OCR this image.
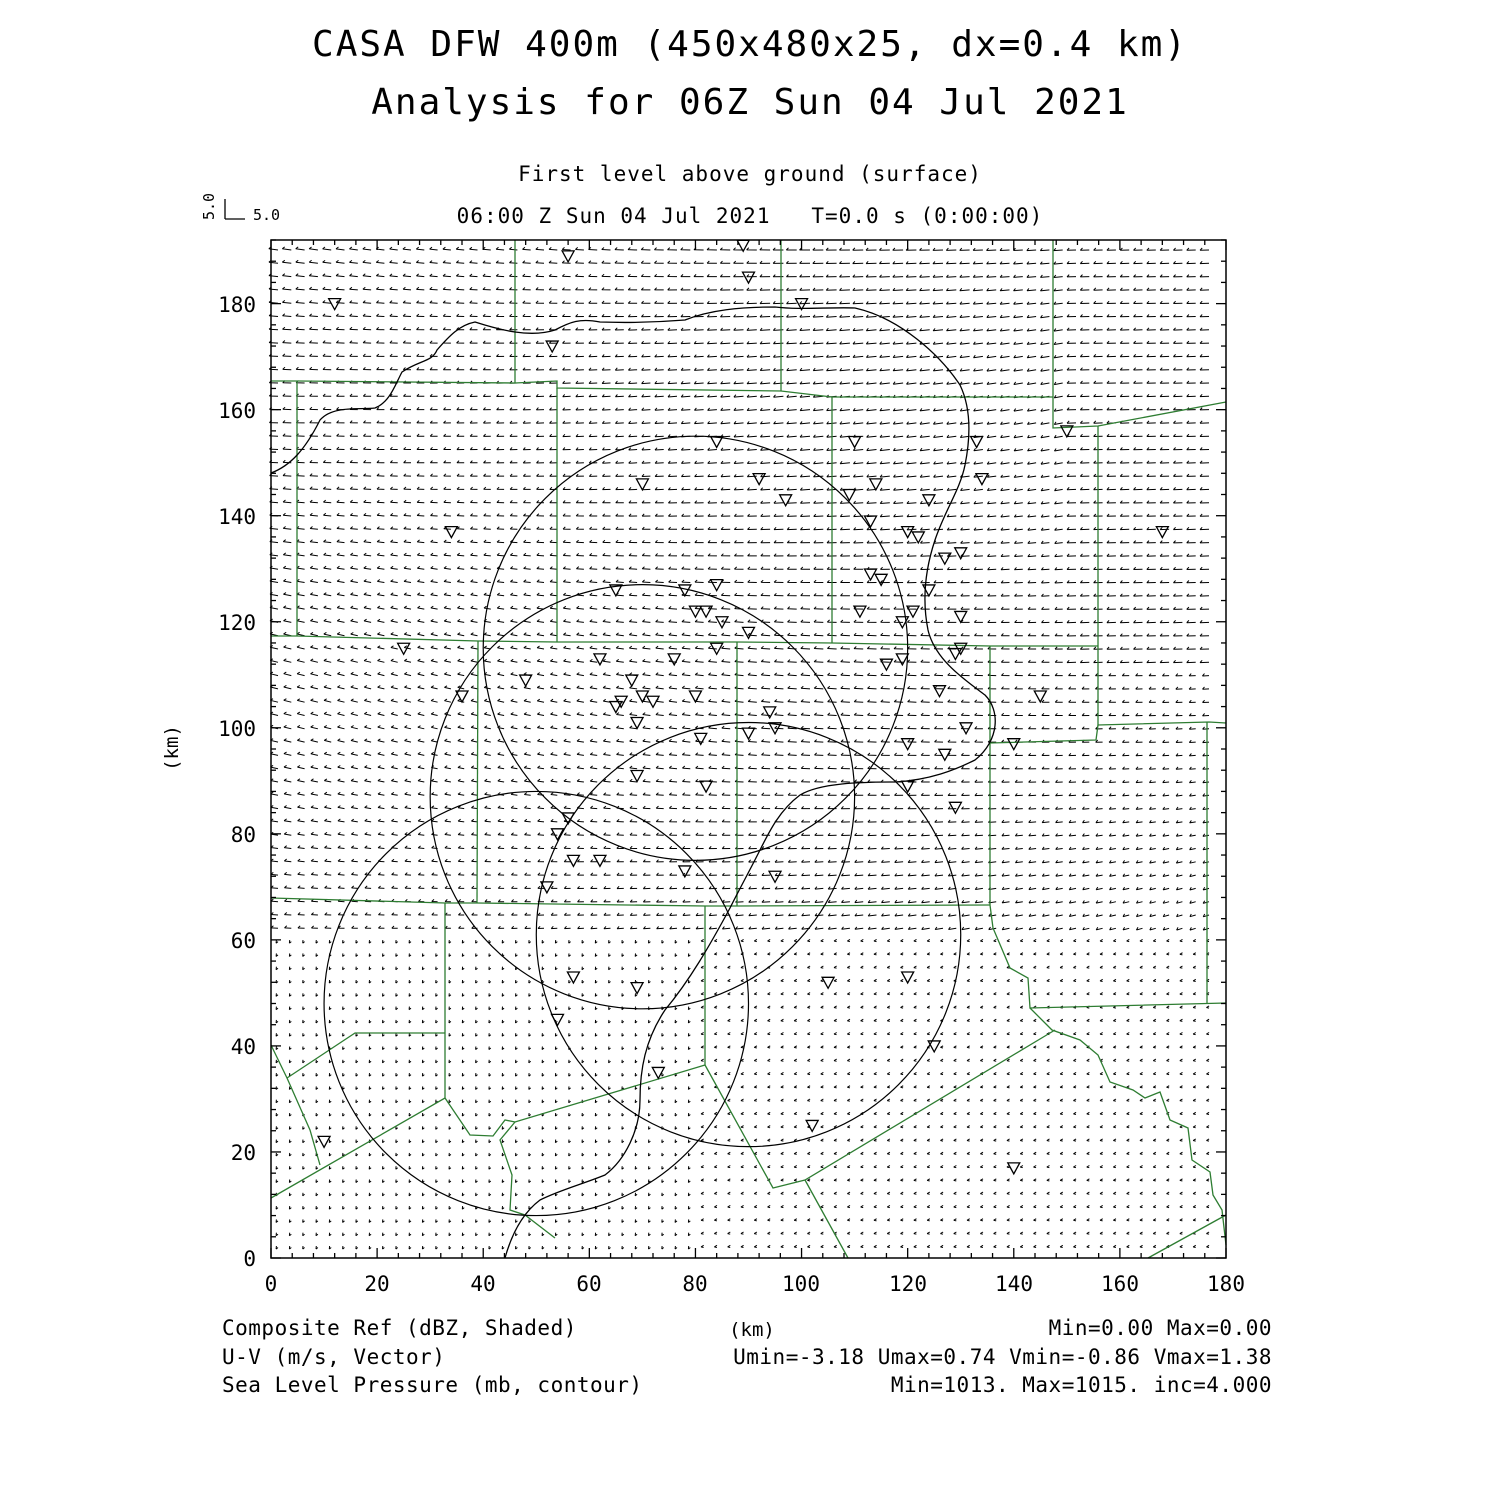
CASA DFW 400m (450x480x25, dx=0.4 km)
Analysis for 06Z Sun 04 Jul 2021
First level above ground (surface)
06:00 Z Sun 04 Jul 2021   T=0.0 s (0:00:00)
0	20	40	60	80	100	120	140	160	180
0
20
40
60
80
100
120
140
160
180
(km)
(km)
5.0
5.0
Composite Ref (dBZ, Shaded)	Min=0.00 Max=0.00
U-V (m/s, Vector)	Umin=-3.18 Umax=0.74 Vmin=-0.86 Vmax=1.38
Sea Level Pressure (mb, contour)	Min=1013. Max=1015. inc=4.000
